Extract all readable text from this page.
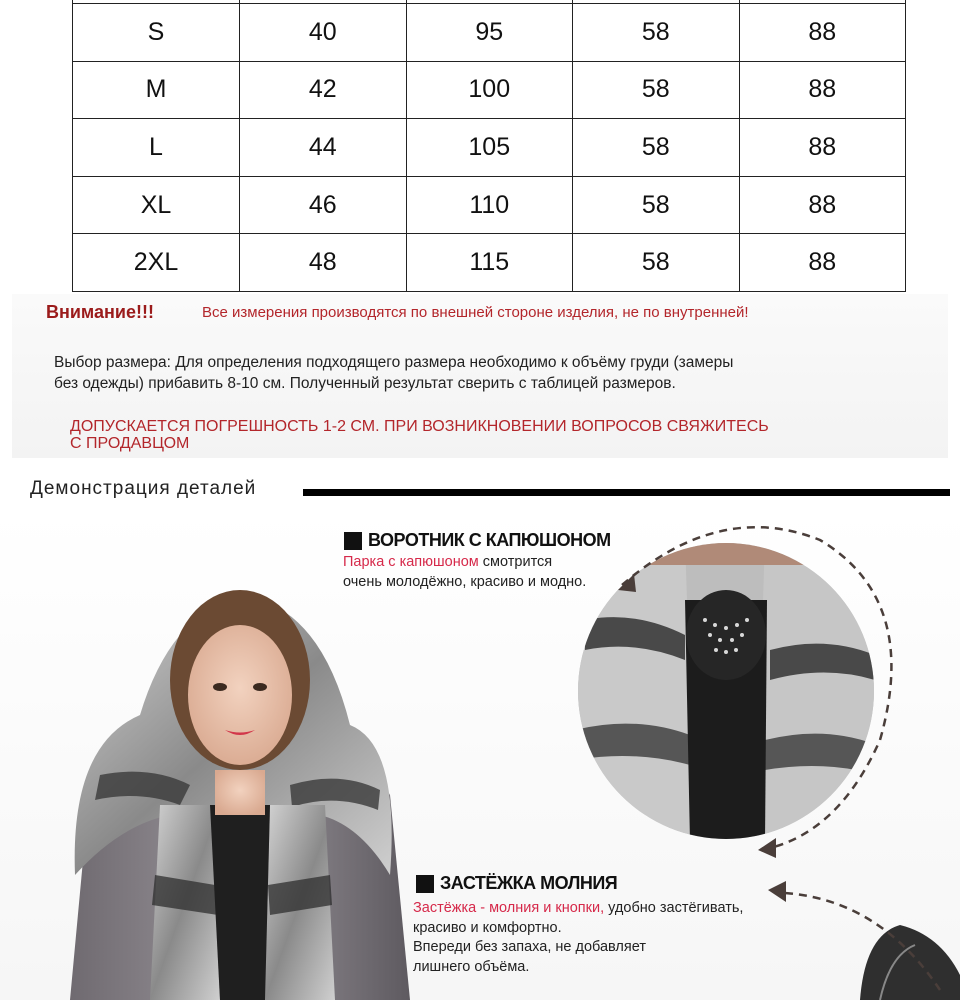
S	40	95	58	88
M	42	100	58	88
L	44	105	58	88
XL	46	110	58	88
2XL	48	115	58	88
Внимание!!!	Все измерения производятся по внешней стороне изделия, не по внутренней!
Выбор размера: Для определения подходящего размера необходимо к объёму груди (замеры
без одежды) прибавить 8-10 см. Полученный результат сверить с таблицей размеров.
ДОПУСКАЕТСЯ ПОГРЕШНОСТЬ 1-2 СМ. ПРИ ВОЗНИКНОВЕНИИ ВОПРОСОВ СВЯЖИТЕСЬ
С ПРОДАВЦОМ
Демонстрация деталей
ВОРОТНИК С КАПЮШОНОМ
Парка с капюшоном смотрится
очень молодёжно, красиво и модно.
ЗАСТЁЖКА МОЛНИЯ
Застёжка - молния и кнопки, удобно застёгивать,
красиво и комфортно.
Впереди без запаха, не добавляет
лишнего объёма.
